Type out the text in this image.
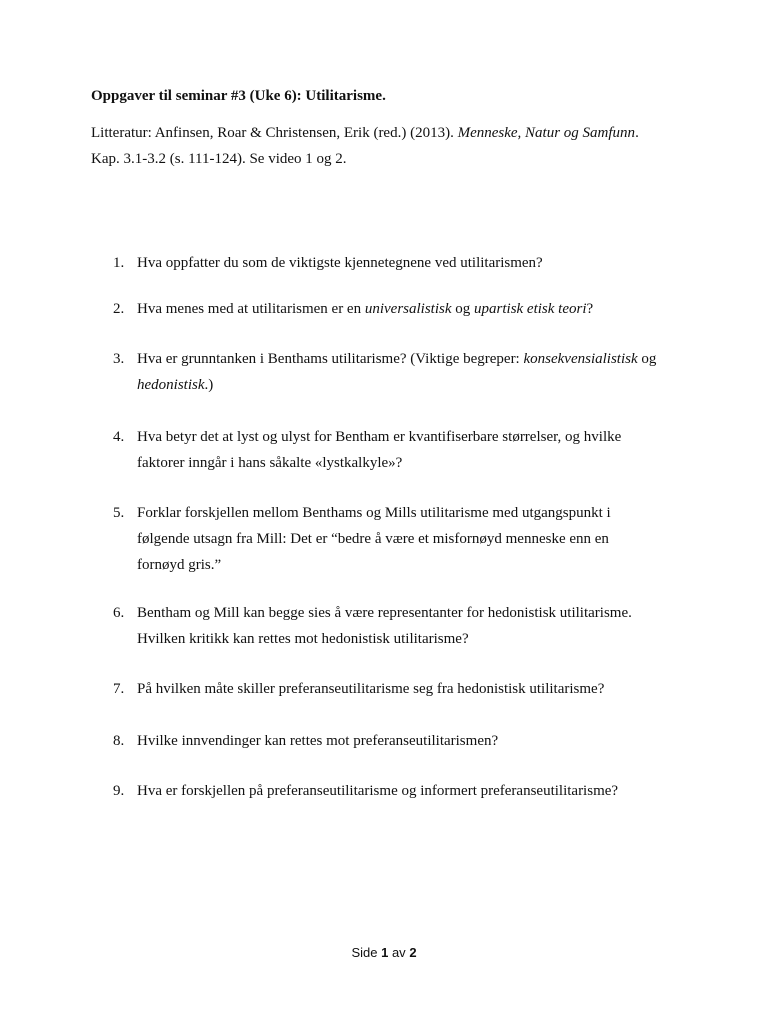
Oppgaver til seminar #3 (Uke 6): Utilitarisme.
Litteratur: Anfinsen, Roar & Christensen, Erik (red.) (2013). Menneske, Natur og Samfunn.
Kap. 3.1-3.2 (s. 111-124). Se video 1 og 2.
1. Hva oppfatter du som de viktigste kjennetegnene ved utilitarismen?
2. Hva menes med at utilitarismen er en universalistisk og upartisk etisk teori?
3. Hva er grunntanken i Benthams utilitarisme? (Viktige begreper: konsekvensialistisk og
hedonistisk.)
4. Hva betyr det at lyst og ulyst for Bentham er kvantifiserbare størrelser, og hvilke
faktorer inngår i hans såkalte «lystkalkyle»?
5. Forklar forskjellen mellom Benthams og Mills utilitarisme med utgangspunkt i
følgende utsagn fra Mill: Det er “bedre å være et misfornøyd menneske enn en
fornøyd gris.”
6. Bentham og Mill kan begge sies å være representanter for hedonistisk utilitarisme.
Hvilken kritikk kan rettes mot hedonistisk utilitarisme?
7. På hvilken måte skiller preferanseutilitarisme seg fra hedonistisk utilitarisme?
8. Hvilke innvendinger kan rettes mot preferanseutilitarismen?
9. Hva er forskjellen på preferanseutilitarisme og informert preferanseutilitarisme?
Side 1 av 2
